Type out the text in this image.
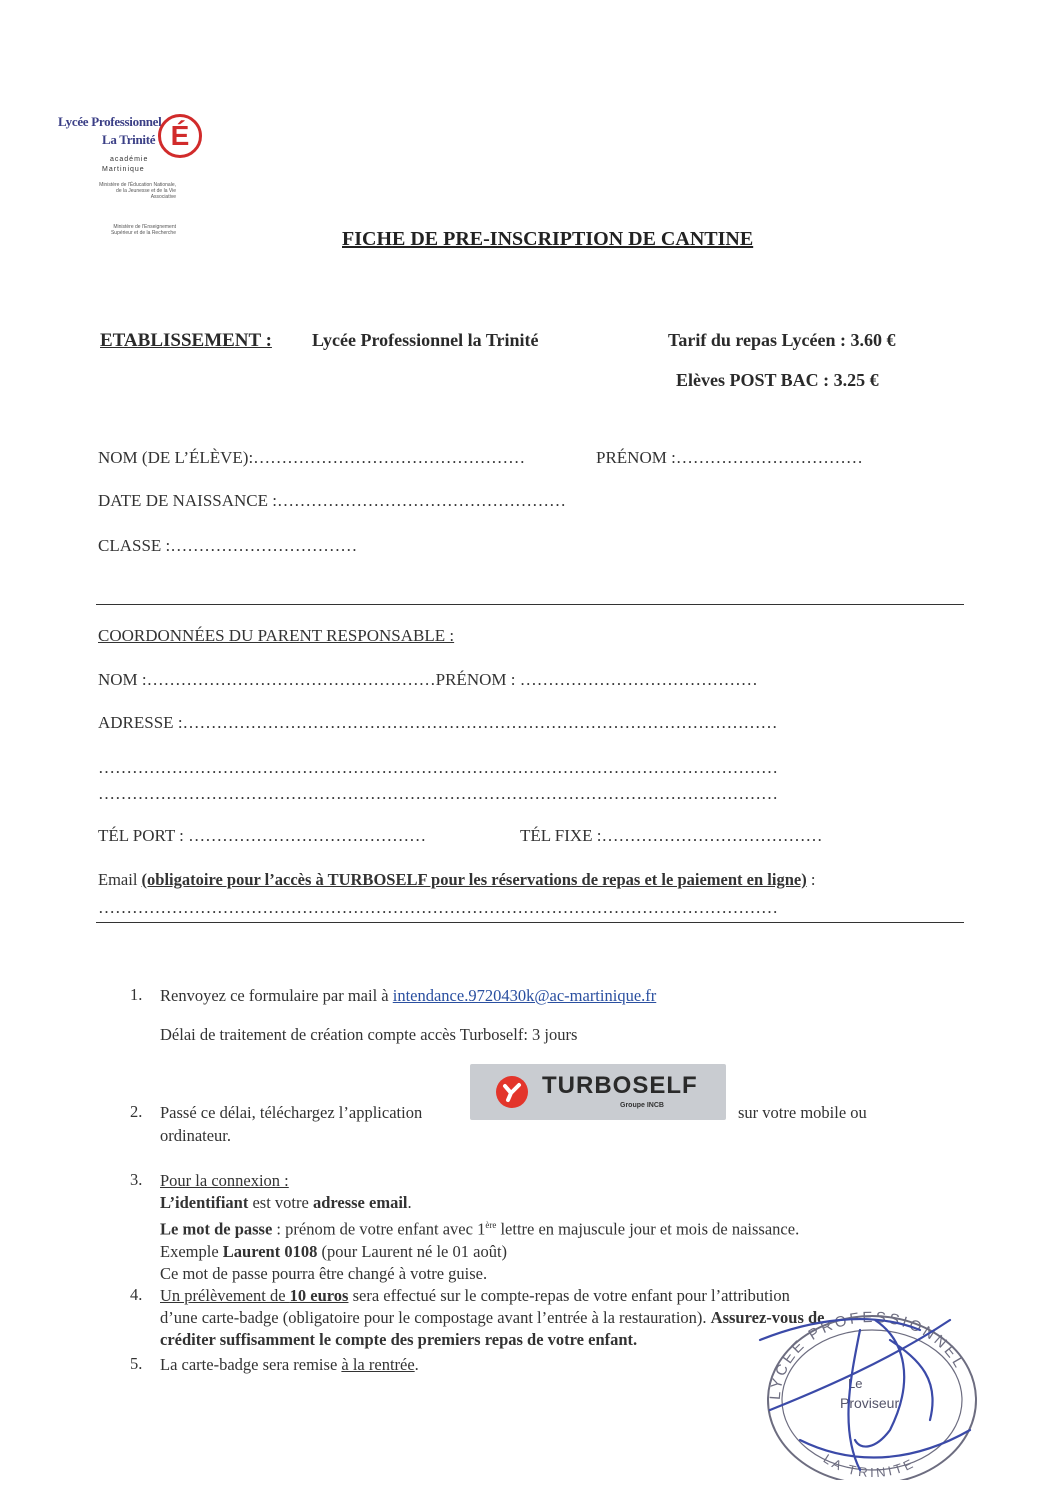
Lycée Professionnel
La Trinité É
académie
Martinique
Ministère de l'Éducation Nationale, de la Jeunesse et de la Vie Associative
Ministère de l'Enseignement Supérieur et de la Recherche	FICHE DE PRE-INSCRIPTION DE CANTINE
ETABLISSEMENT : Lycée Professionnel la Trinité	Tarif du repas Lycéen : 3.60 €
Elèves POST BAC : 3.25 €
NOM (DE L’ÉLÈVE):…………………………………………	PRÉNOM :……………………………
DATE DE NAISSANCE :……………………………………………
CLASSE :……………………………
COORDONNÉES DU PARENT RESPONSABLE :
NOM :……………………………………………PRÉNOM : ……………………………………
ADRESSE :……………………………………………………………………………………………
…………………………………………………………………………………………………………
…………………………………………………………………………………………………………
TÉL PORT : ……………………………………	TÉL FIXE :…………………………………
Email (obligatoire pour l’accès à TURBOSELF pour les réservations de repas et le paiement en ligne) :
…………………………………………………………………………………………………………
1. Renvoyez ce formulaire par mail à intendance.9720430k@ac-martinique.fr
Délai de traitement de création compte accès Turboself: 3 jours
2. Passé ce délai, téléchargez l’application
TURBOSELF
Groupe INCB	sur votre mobile ou
ordinateur.
3. Pour la connexion :
L’identifiant est votre adresse email.
Le mot de passe : prénom de votre enfant avec 1ère lettre en majuscule jour et mois de naissance.
Exemple Laurent 0108 (pour Laurent né le 01 août)
Ce mot de passe pourra être changé à votre guise.
4. Un prélèvement de 10 euros sera effectué sur le compte-repas de votre enfant pour l’attribution
d’une carte-badge (obligatoire pour le compostage avant l’entrée à la restauration). Assurez-vous de
créditer suffisamment le compte des premiers repas de votre enfant.
5. La carte-badge sera remise à la rentrée.
LYCEE PROFESSIONNEL
LA TRINITE
Le
Proviseur
